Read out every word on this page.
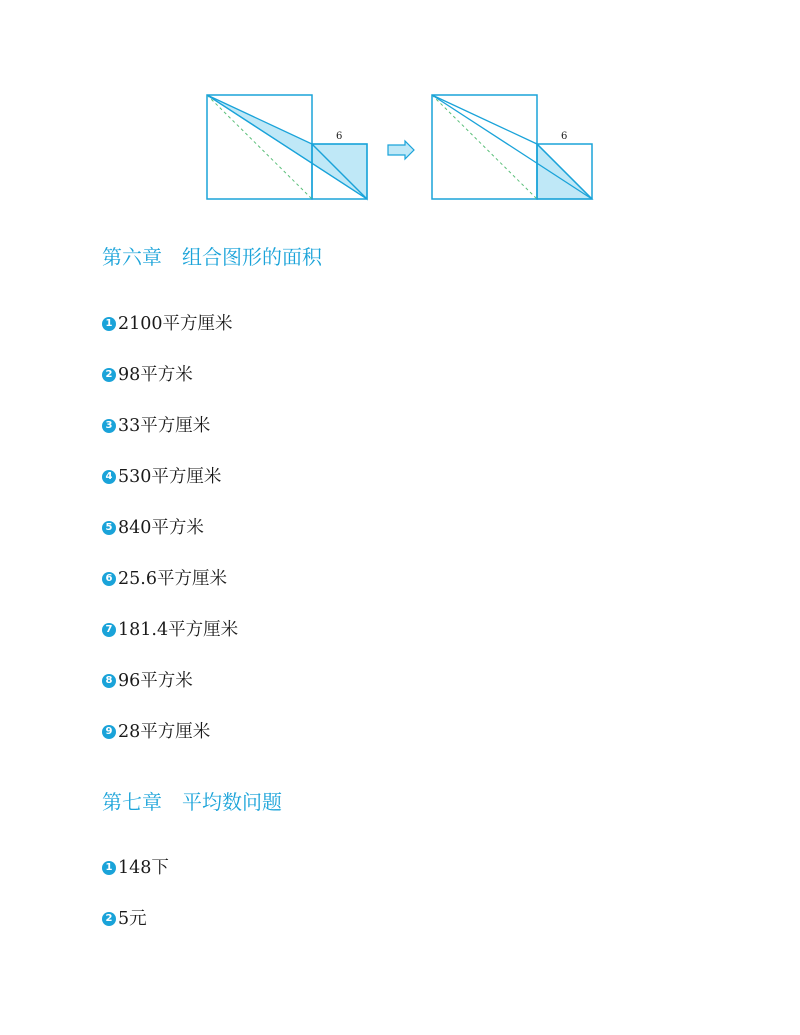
6	6
第六章　组合图形的面积
1 2100平方厘米
2 98平方米
3 33平方厘米
4 530平方厘米
5 840平方米
6 25.6平方厘米
7 181.4平方厘米
8 96平方米
9 28平方厘米
第七章　平均数问题
1 148下
2 5元
